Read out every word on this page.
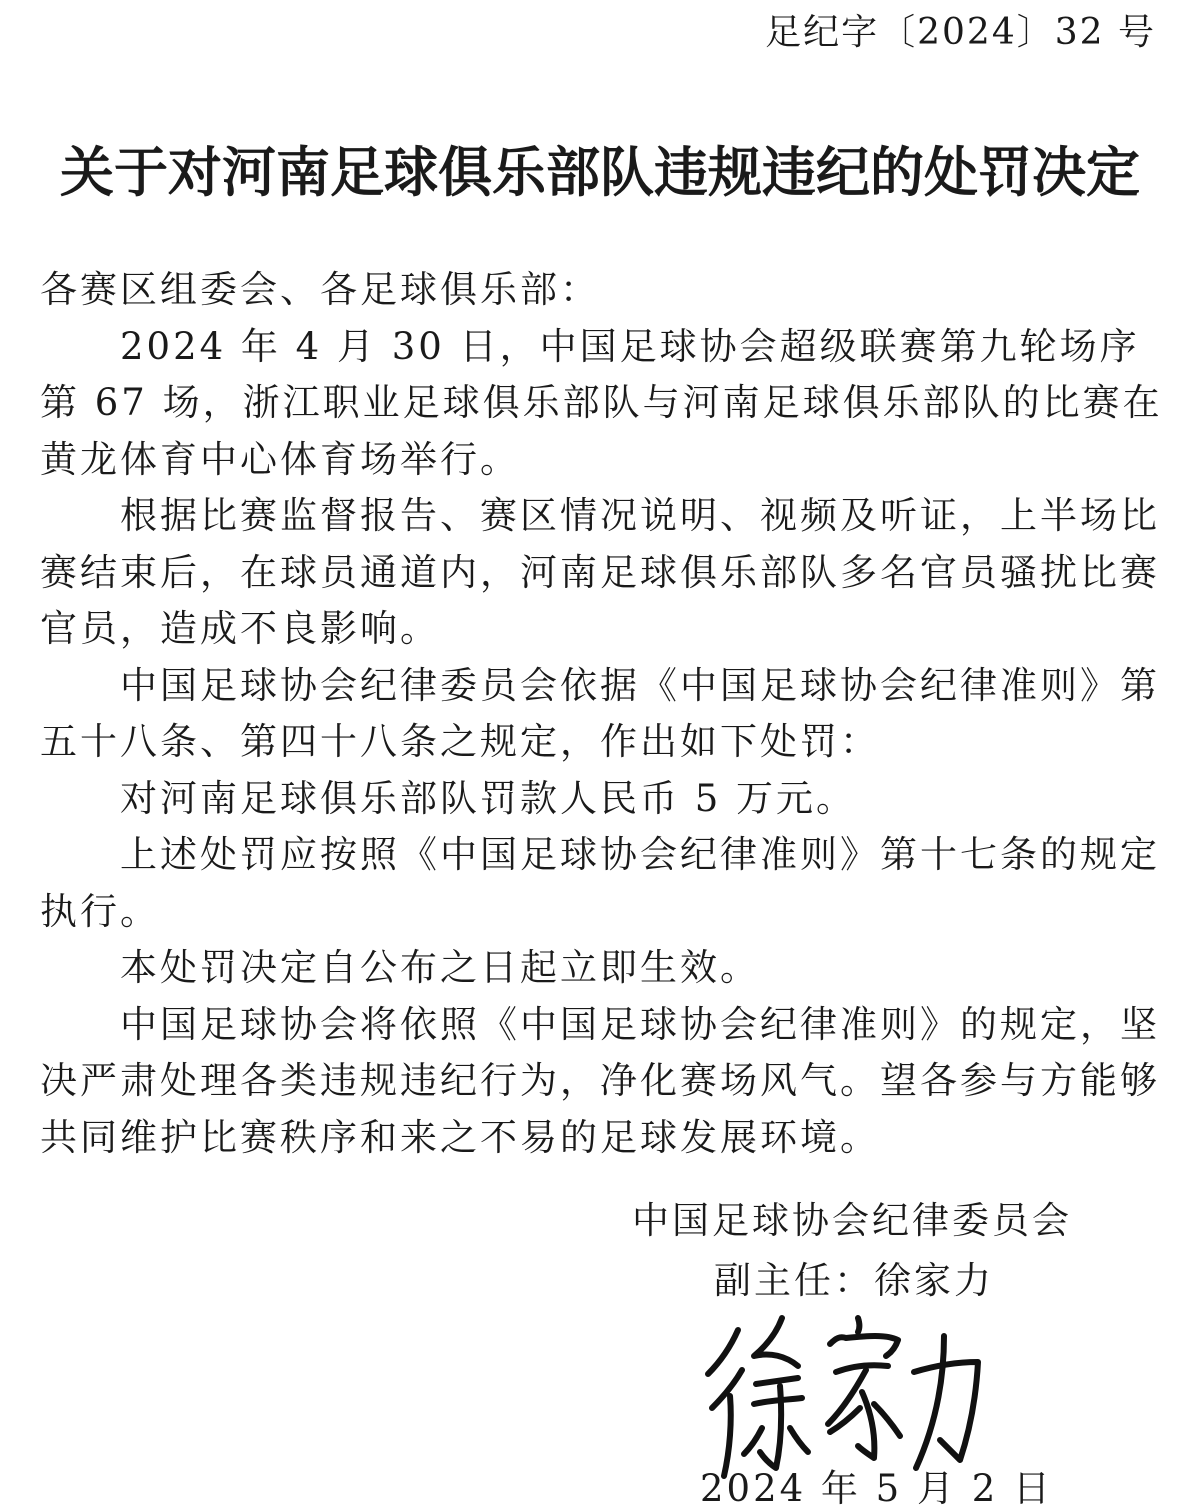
足纪字〔2024〕32 号
关于对河南足球俱乐部队违规违纪的处罚决定

各赛区组委会、各足球俱乐部：

2024 年 4 月 30 日，中国足球协会超级联赛第九轮场序第 67 场，浙江职业足球俱乐部队与河南足球俱乐部队的比赛在黄龙体育中心体育场举行。

根据比赛监督报告、赛区情况说明、视频及听证，上半场比赛结束后，在球员通道内，河南足球俱乐部队多名官员骚扰比赛官员，造成不良影响。

中国足球协会纪律委员会依据《中国足球协会纪律准则》第五十八条、第四十八条之规定，作出如下处罚：

对河南足球俱乐部队罚款人民币 5 万元。

上述处罚应按照《中国足球协会纪律准则》第十七条的规定执行。

本处罚决定自公布之日起立即生效。

中国足球协会将依照《中国足球协会纪律准则》的规定，坚决严肃处理各类违规违纪行为，净化赛场风气。望各参与方能够共同维护比赛秩序和来之不易的足球发展环境。

中国足球协会纪律委员会
副主任：徐家力
2024 年 5 月 2 日
